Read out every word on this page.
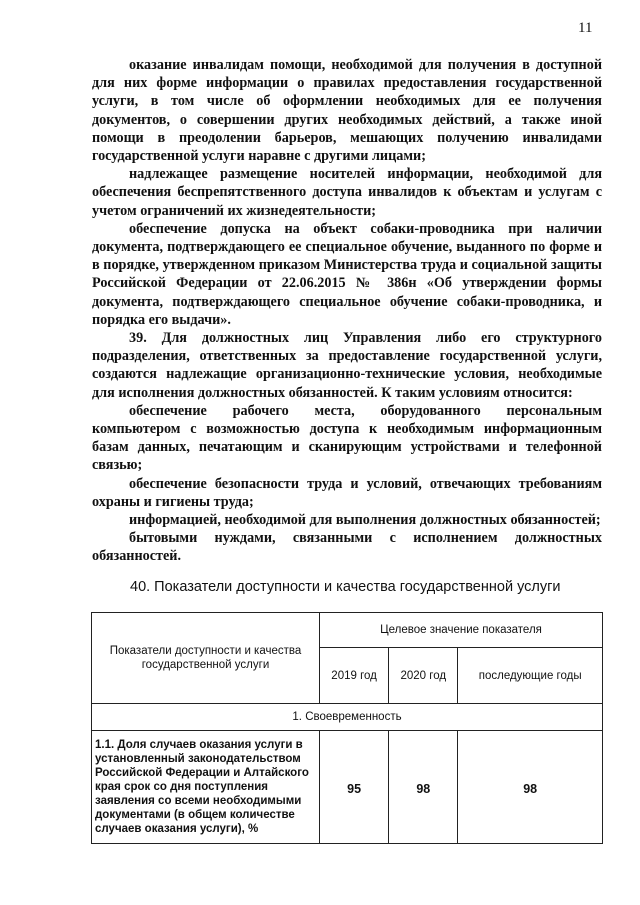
11

оказание инвалидам помощи, необходимой для получения в доступной для них форме информации о правилах предоставления государственной услуги, в том числе об оформлении необходимых для ее получения документов, о совершении других необходимых действий, а также иной помощи в преодолении барьеров, мешающих получению инвалидами государственной услуги наравне с другими лицами;

надлежащее размещение носителей информации, необходимой для обеспечения беспрепятственного доступа инвалидов к объектам и услугам с учетом ограничений их жизнедеятельности;

обеспечение допуска на объект собаки-проводника при наличии документа, подтверждающего ее специальное обучение, выданного по форме и в порядке, утвержденном приказом Министерства труда и социальной защиты Российской Федерации от 22.06.2015 № 386н «Об утверждении формы документа, подтверждающего специальное обучение собаки-проводника, и порядка его выдачи».

39. Для должностных лиц Управления либо его структурного подразделения, ответственных за предоставление государственной услуги, создаются надлежащие организационно-технические условия, необходимые для исполнения должностных обязанностей. К таким условиям относится:

обеспечение рабочего места, оборудованного персональным компьютером с возможностью доступа к необходимым информационным базам данных, печатающим и сканирующим устройствами и телефонной связью;

обеспечение безопасности труда и условий, отвечающих требованиям охраны и гигиены труда;

информацией, необходимой для выполнения должностных обязанностей;

бытовыми нуждами, связанными с исполнением должностных обязанностей.

40. Показатели доступности и качества государственной услуги
Показатели доступности и качества государственной услуги	Целевое значение показателя		
	2019 год	2020 год	последующие годы
1. Своевременность			
1.1. Доля случаев оказания услуги в установленный законодательством Российской Федерации и Алтайского края срок со дня поступления заявления со всеми необходимыми документами (в общем количестве случаев оказания услуги), %	95	98	98
